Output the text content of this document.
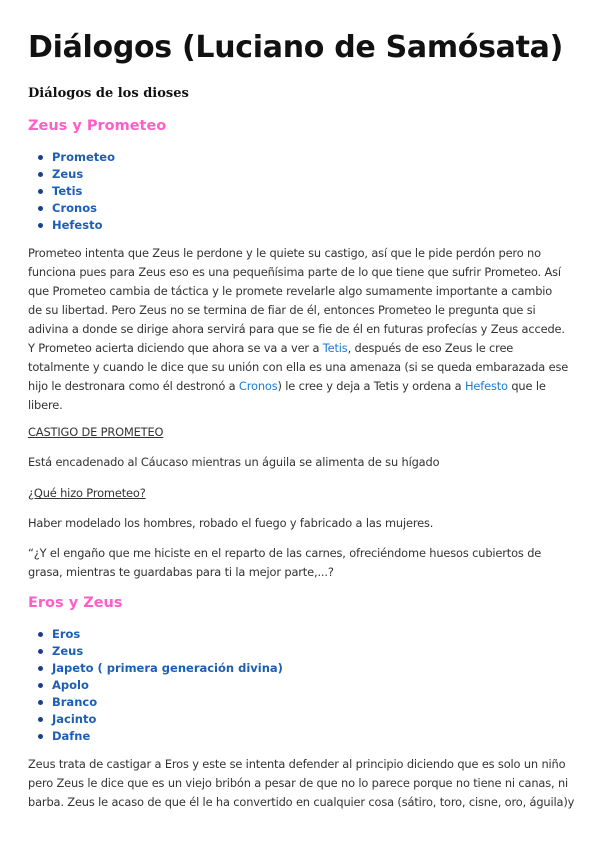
Diálogos (Luciano de Samósata)
Diálogos de los dioses
Zeus y Prometeo
Prometeo
Zeus
Tetis
Cronos
Hefesto
Prometeo intenta que Zeus le perdone y le quiete su castigo, así que le pide perdón pero no
funciona pues para Zeus eso es una pequeñísima parte de lo que tiene que sufrir Prometeo. Así
que Prometeo cambia de táctica y le promete revelarle algo sumamente importante a cambio
de su libertad. Pero Zeus no se termina de fiar de él, entonces Prometeo le pregunta que si
adivina a donde se dirige ahora servirá para que se fie de él en futuras profecías y Zeus accede.
Y Prometeo acierta diciendo que ahora se va a ver a Tetis, después de eso Zeus le cree
totalmente y cuando le dice que su unión con ella es una amenaza (si se queda embarazada ese
hijo le destronara como él destronó a Cronos) le cree y deja a Tetis y ordena a Hefesto que le
libere.
CASTIGO DE PROMETEO
Está encadenado al Cáucaso mientras un águila se alimenta de su hígado
¿Qué hizo Prometeo?
Haber modelado los hombres, robado el fuego y fabricado a las mujeres.
“¿Y el engaño que me hiciste en el reparto de las carnes, ofreciéndome huesos cubiertos de
grasa, mientras te guardabas para ti la mejor parte,...?
Eros y Zeus
Eros
Zeus
Japeto ( primera generación divina)
Apolo
Branco
Jacinto
Dafne
Zeus trata de castigar a Eros y este se intenta defender al principio diciendo que es solo un niño
pero Zeus le dice que es un viejo bribón a pesar de que no lo parece porque no tiene ni canas, ni
barba. Zeus le acaso de que él le ha convertido en cualquier cosa (sátiro, toro, cisne, oro, águila)y
